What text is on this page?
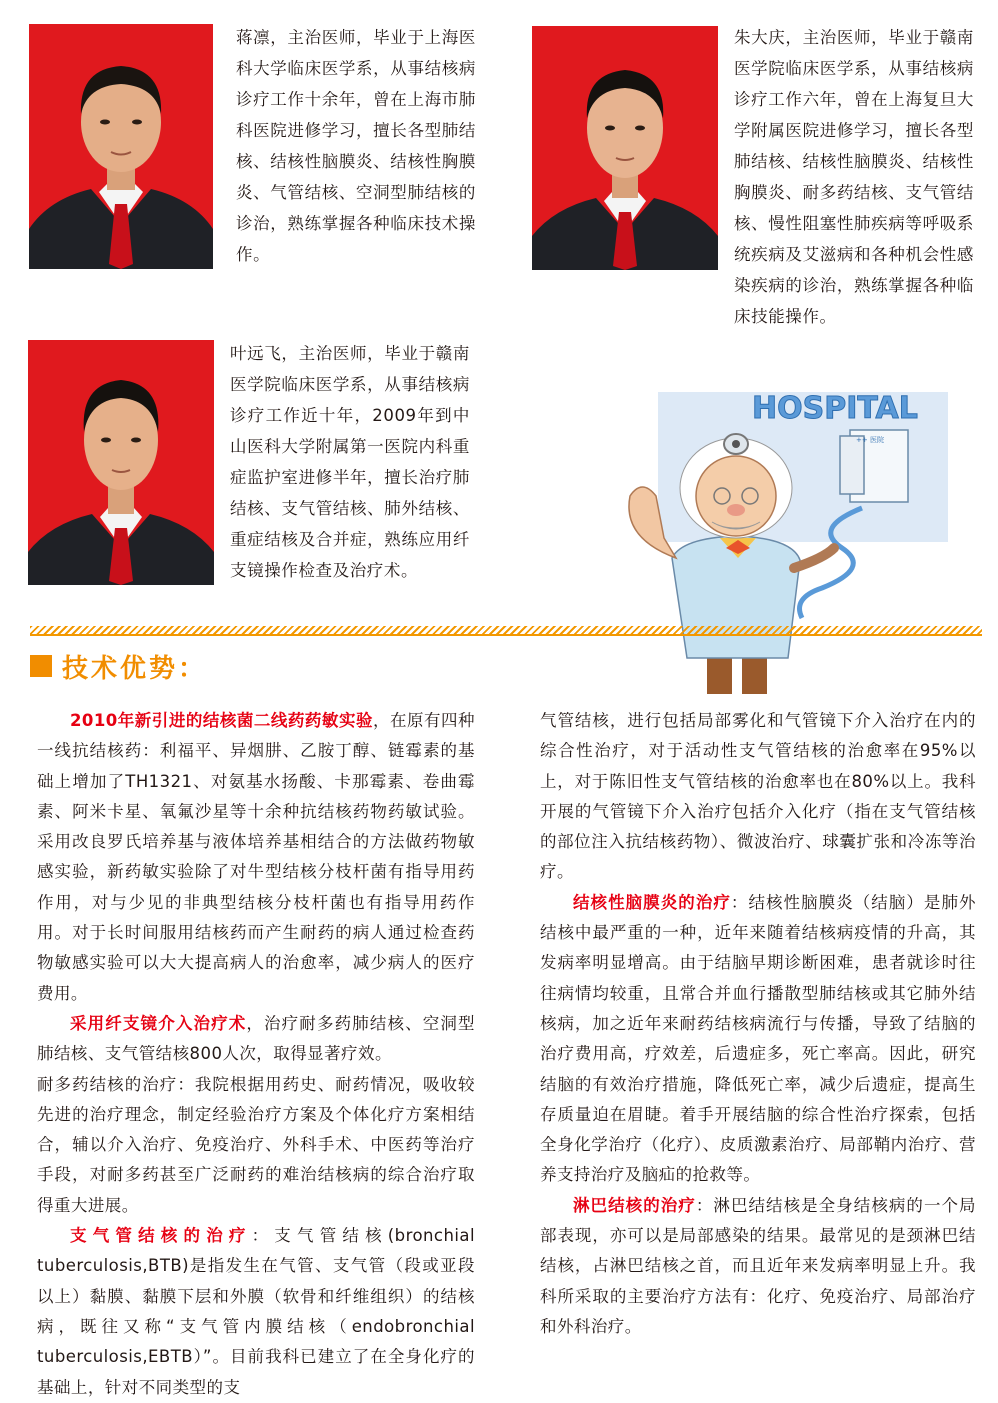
蒋凛，主治医师，毕业于上海医科大学临床医学系，从事结核病诊疗工作十余年，曾在上海市肺科医院进修学习，擅长各型肺结核、结核性脑膜炎、结核性胸膜炎、气管结核、空洞型肺结核的诊治，熟练掌握各种临床技术操作。
朱大庆，主治医师，毕业于赣南医学院临床医学系，从事结核病诊疗工作六年，曾在上海复旦大学附属医院进修学习，擅长各型肺结核、结核性脑膜炎、结核性胸膜炎、耐多药结核、支气管结核、慢性阻塞性肺疾病等呼吸系统疾病及艾滋病和各种机会性感染疾病的诊治，熟练掌握各种临床技能操作。
叶远飞，主治医师，毕业于赣南医学院临床医学系，从事结核病诊疗工作近十年，2009年到中山医科大学附属第一医院内科重症监护室进修半年，擅长治疗肺结核、支气管结核、肺外结核、重症结核及合并症，熟练应用纤支镜操作检查及治疗术。
HOSPITAL
++ 医院
技术优势：

2010年新引进的结核菌二线药药敏实验，在原有四种一线抗结核药：利福平、异烟肼、乙胺丁醇、链霉素的基础上增加了TH1321、对氨基水扬酸、卡那霉素、卷曲霉素、阿米卡星、氧氟沙星等十余种抗结核药物药敏试验。采用改良罗氏培养基与液体培养基相结合的方法做药物敏感实验，新药敏实验除了对牛型结核分枝杆菌有指导用药作用，对与少见的非典型结核分枝杆菌也有指导用药作用。对于长时间服用结核药而产生耐药的病人通过检查药物敏感实验可以大大提高病人的治愈率，减少病人的医疗费用。

采用纤支镜介入治疗术，治疗耐多药肺结核、空洞型肺结核、支气管结核800人次，取得显著疗效。

耐多药结核的治疗：我院根据用药史、耐药情况，吸收较先进的治疗理念，制定经验治疗方案及个体化疗方案相结合，辅以介入治疗、免疫治疗、外科手术、中医药等治疗手段，对耐多药甚至广泛耐药的难治结核病的综合治疗取得重大进展。

支气管结核的治疗：支气管结核(bronchial tuberculosis,BTB)是指发生在气管、支气管（段或亚段以上）黏膜、黏膜下层和外膜（软骨和纤维组织）的结核病，既往又称“支气管内膜结核（endobronchial tuberculosis,EBTB）”。目前我科已建立了在全身化疗的基础上，针对不同类型的支

气管结核，进行包括局部雾化和气管镜下介入治疗在内的综合性治疗，对于活动性支气管结核的治愈率在95%以上，对于陈旧性支气管结核的治愈率也在80%以上。我科开展的气管镜下介入治疗包括介入化疗（指在支气管结核的部位注入抗结核药物）、微波治疗、球囊扩张和冷冻等治疗。

结核性脑膜炎的治疗：结核性脑膜炎（结脑）是肺外结核中最严重的一种，近年来随着结核病疫情的升高，其发病率明显增高。由于结脑早期诊断困难，患者就诊时往往病情均较重，且常合并血行播散型肺结核或其它肺外结核病，加之近年来耐药结核病流行与传播，导致了结脑的治疗费用高，疗效差，后遗症多，死亡率高。因此，研究结脑的有效治疗措施，降低死亡率，减少后遗症，提高生存质量迫在眉睫。着手开展结脑的综合性治疗探索，包括全身化学治疗（化疗）、皮质激素治疗、局部鞘内治疗、营养支持治疗及脑疝的抢救等。

淋巴结核的治疗：淋巴结结核是全身结核病的一个局部表现，亦可以是局部感染的结果。最常见的是颈淋巴结结核，占淋巴结核之首，而且近年来发病率明显上升。我科所采取的主要治疗方法有：化疗、免疫治疗、局部治疗和外科治疗。
